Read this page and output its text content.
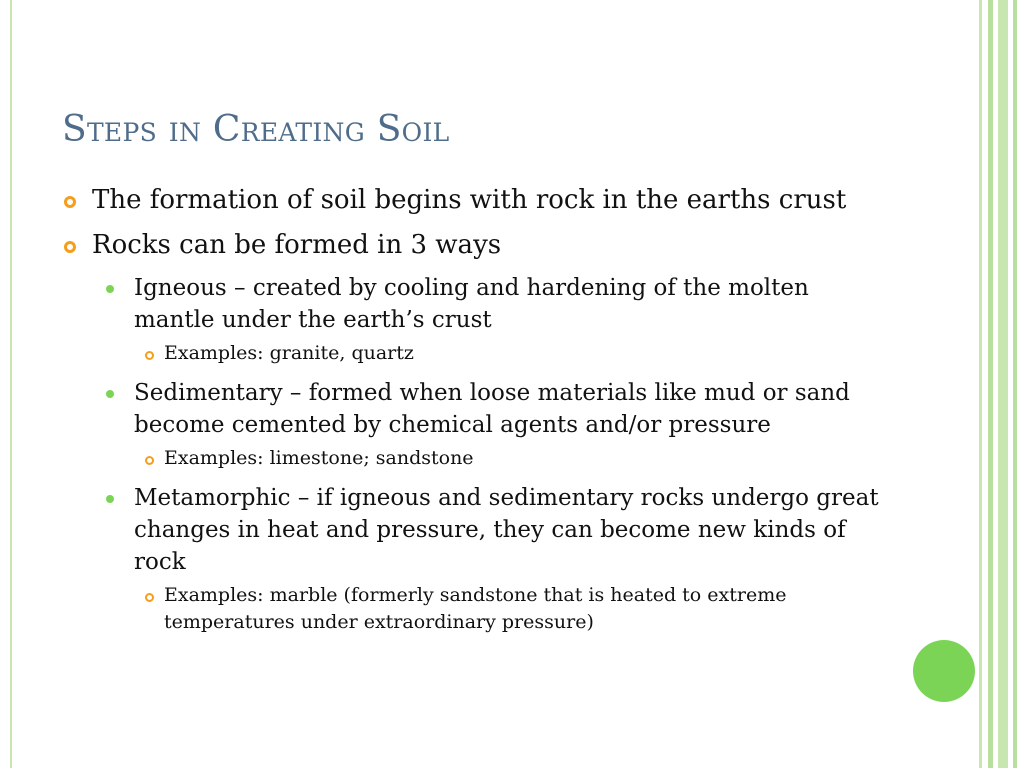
Steps in Creating Soil
The formation of soil begins with rock in the earths crust
Rocks can be formed in 3 ways
Igneous – created by cooling and hardening of the molten mantle under the earth’s crust
Examples: granite, quartz
Sedimentary – formed when loose materials like mud or sand become cemented by chemical agents and/or pressure
Examples: limestone; sandstone
Metamorphic – if igneous and sedimentary rocks undergo great changes in heat and pressure, they can become new kinds of rock
Examples: marble (formerly sandstone that is heated to extreme temperatures under extraordinary pressure)
